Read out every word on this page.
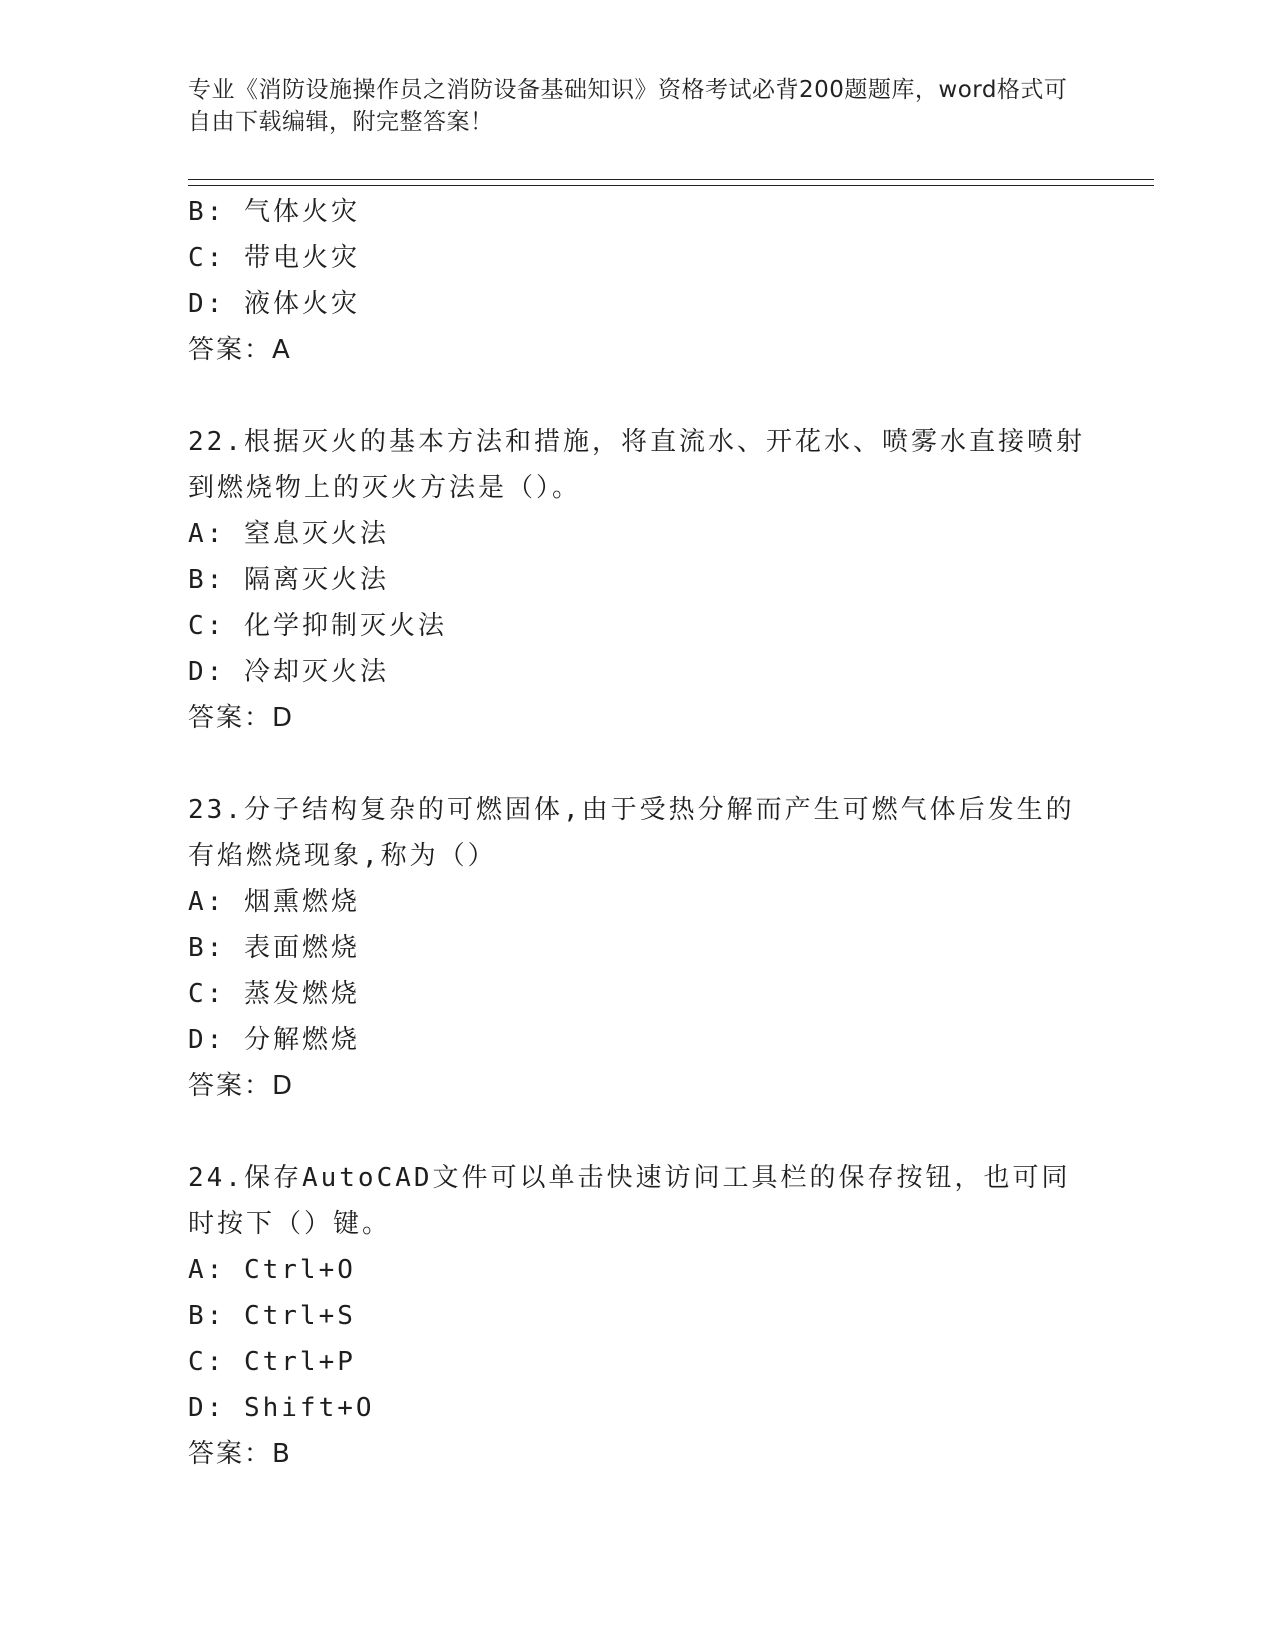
专业《消防设施操作员之消防设备基础知识》资格考试必背200题题库，word格式可自由下载编辑，附完整答案！
B: 气体火灾
C: 带电火灾
D: 液体火灾
答案：A
22.根据灭火的基本方法和措施，将直流水、开花水、喷雾水直接喷射到燃烧物上的灭火方法是（）。
A: 窒息灭火法
B: 隔离灭火法
C: 化学抑制灭火法
D: 冷却灭火法
答案：D
23.分子结构复杂的可燃固体,由于受热分解而产生可燃气体后发生的有焰燃烧现象,称为（）
A: 烟熏燃烧
B: 表面燃烧
C: 蒸发燃烧
D: 分解燃烧
答案：D
24.保存AutoCAD文件可以单击快速访问工具栏的保存按钮，也可同时按下（）键。
A: Ctrl+O
B: Ctrl+S
C: Ctrl+P
D: Shift+O
答案：B
